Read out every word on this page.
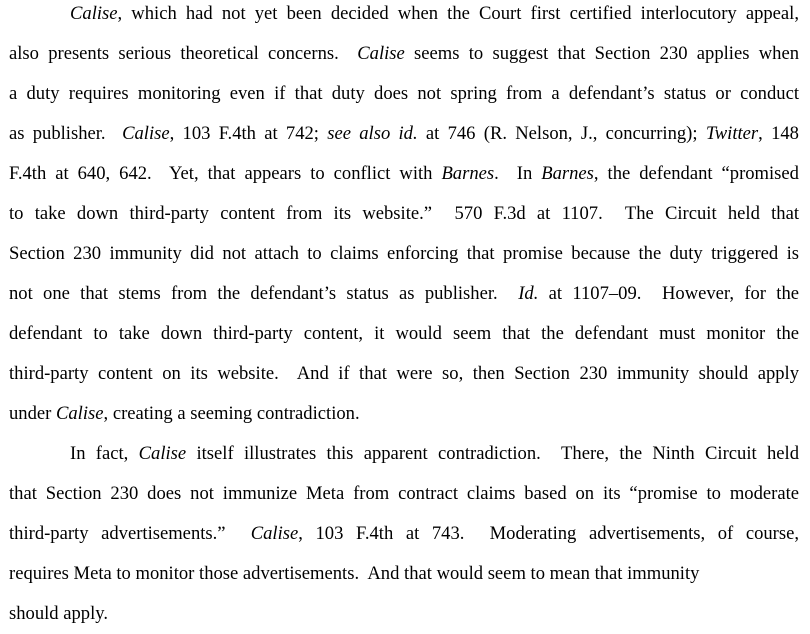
Calise, which had not yet been decided when the Court first certified interlocutory appeal,
also presents serious theoretical concerns.  Calise seems to suggest that Section 230 applies when
a duty requires monitoring even if that duty does not spring from a defendant’s status or conduct
as publisher.  Calise, 103 F.4th at 742; see also id. at 746 (R. Nelson, J., concurring); Twitter, 148
F.4th at 640, 642.  Yet, that appears to conflict with Barnes.  In Barnes, the defendant “promised
to take down third-party content from its website.”  570 F.3d at 1107.  The Circuit held that
Section 230 immunity did not attach to claims enforcing that promise because the duty triggered is
not one that stems from the defendant’s status as publisher.  Id. at 1107–09.  However, for the
defendant to take down third-party content, it would seem that the defendant must monitor the
third-party content on its website.  And if that were so, then Section 230 immunity should apply
under Calise, creating a seeming contradiction.
In fact, Calise itself illustrates this apparent contradiction.  There, the Ninth Circuit held
that Section 230 does not immunize Meta from contract claims based on its “promise to moderate
third-party advertisements.”  Calise, 103 F.4th at 743.  Moderating advertisements, of course,
requires Meta to monitor those advertisements.  And that would seem to mean that immunity
should apply.
